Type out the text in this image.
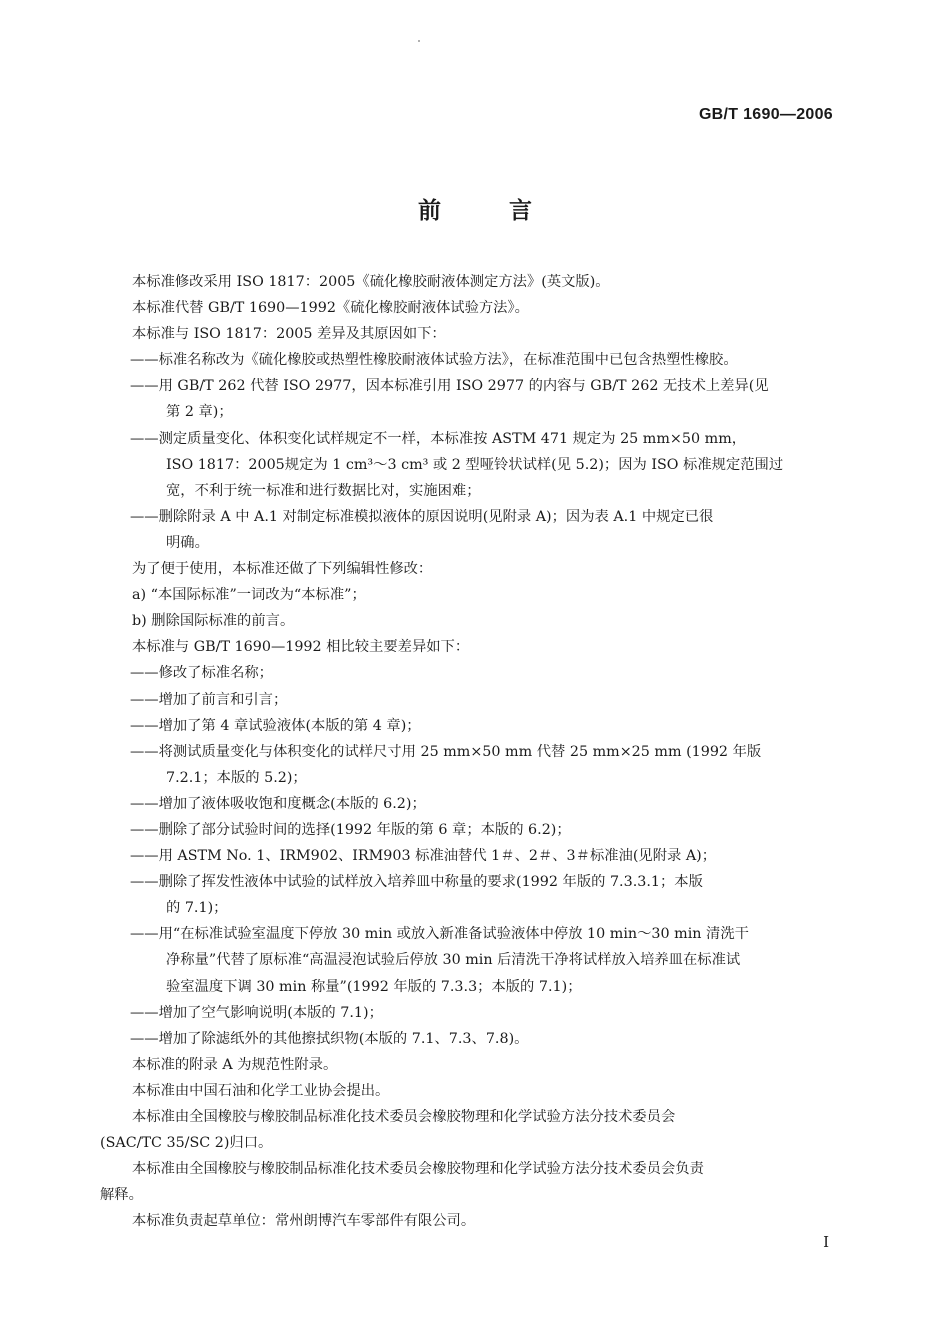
GB/T 1690—2006
前 言
本标准修改采用 ISO 1817：2005《硫化橡胶耐液体测定方法》(英文版)。
本标准代替 GB/T 1690—1992《硫化橡胶耐液体试验方法》。
本标准与 ISO 1817：2005 差异及其原因如下：
——标准名称改为《硫化橡胶或热塑性橡胶耐液体试验方法》，在标准范围中已包含热塑性橡胶。
——用 GB/T 262 代替 ISO 2977，因本标准引用 ISO 2977 的内容与 GB/T 262 无技术上差异(见
第 2 章)；
——测定质量变化、体积变化试样规定不一样，本标准按 ASTM 471 规定为 25 mm×50 mm，
ISO 1817：2005规定为 1 cm³～3 cm³ 或 2 型哑铃状试样(见 5.2)；因为 ISO 标准规定范围过
宽，不利于统一标准和进行数据比对，实施困难；
——删除附录 A 中 A.1 对制定标准模拟液体的原因说明(见附录 A)；因为表 A.1 中规定已很
明确。
为了便于使用，本标准还做了下列编辑性修改：
a) “本国际标准”一词改为“本标准”；
b) 删除国际标准的前言。
本标准与 GB/T 1690—1992 相比较主要差异如下：
——修改了标准名称；
——增加了前言和引言；
——增加了第 4 章试验液体(本版的第 4 章)；
——将测试质量变化与体积变化的试样尺寸用 25 mm×50 mm 代替 25 mm×25 mm (1992 年版
7.2.1；本版的 5.2)；
——增加了液体吸收饱和度概念(本版的 6.2)；
——删除了部分试验时间的选择(1992 年版的第 6 章；本版的 6.2)；
——用 ASTM No. 1、IRM902、IRM903 标准油替代 1＃、2＃、3＃标准油(见附录 A)；
——删除了挥发性液体中试验的试样放入培养皿中称量的要求(1992 年版的 7.3.3.1；本版
的 7.1)；
——用“在标准试验室温度下停放 30 min 或放入新准备试验液体中停放 10 min～30 min 清洗干
净称量”代替了原标准“高温浸泡试验后停放 30 min 后清洗干净将试样放入培养皿在标准试
验室温度下调 30 min 称量”(1992 年版的 7.3.3；本版的 7.1)；
——增加了空气影响说明(本版的 7.1)；
——增加了除滤纸外的其他擦拭织物(本版的 7.1、7.3、7.8)。
本标准的附录 A 为规范性附录。
本标准由中国石油和化学工业协会提出。
本标准由全国橡胶与橡胶制品标准化技术委员会橡胶物理和化学试验方法分技术委员会
(SAC/TC 35/SC 2)归口。
本标准由全国橡胶与橡胶制品标准化技术委员会橡胶物理和化学试验方法分技术委员会负责
解释。
本标准负责起草单位：常州朗博汽车零部件有限公司。
I
